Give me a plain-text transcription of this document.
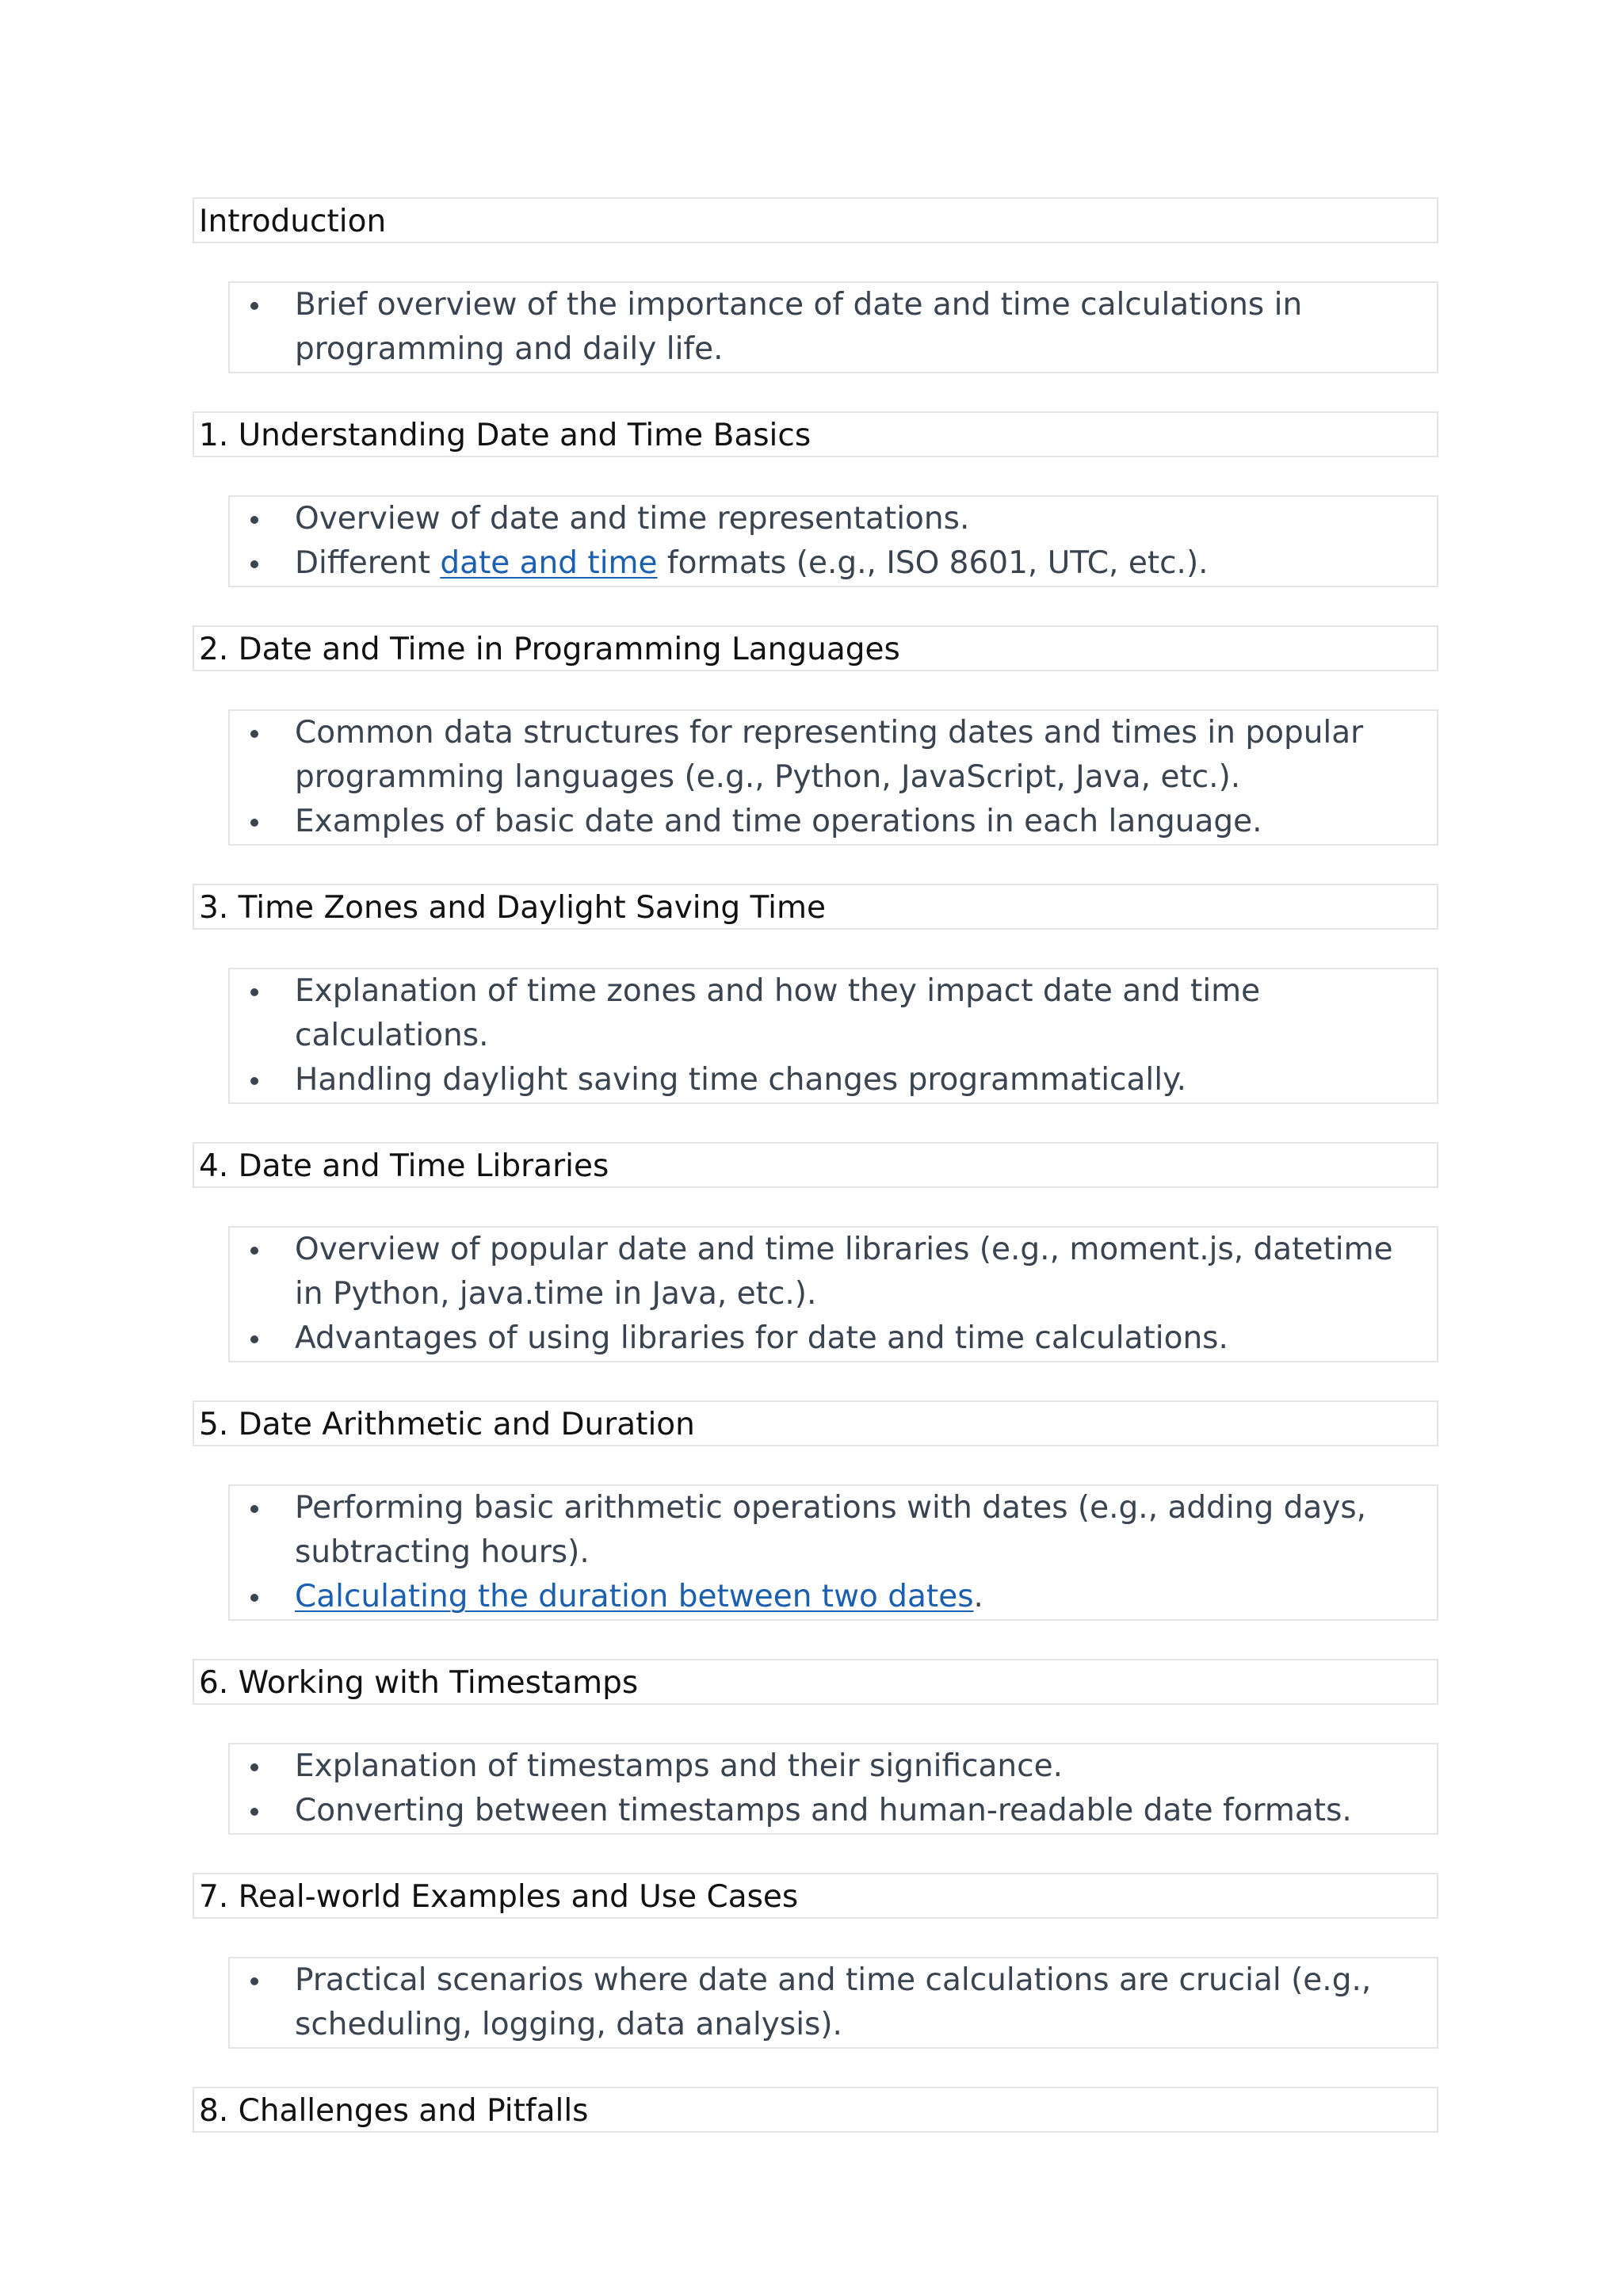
Introduction
Brief overview of the importance of date and time calculations in programming and daily life.
1. Understanding Date and Time Basics
Overview of date and time representations.
Different date and time formats (e.g., ISO 8601, UTC, etc.).
2. Date and Time in Programming Languages
Common data structures for representing dates and times in popular programming languages (e.g., Python, JavaScript, Java, etc.).
Examples of basic date and time operations in each language.
3. Time Zones and Daylight Saving Time
Explanation of time zones and how they impact date and time calculations.
Handling daylight saving time changes programmatically.
4. Date and Time Libraries
Overview of popular date and time libraries (e.g., moment.js, datetime in Python, java.time in Java, etc.).
Advantages of using libraries for date and time calculations.
5. Date Arithmetic and Duration
Performing basic arithmetic operations with dates (e.g., adding days, subtracting hours).
Calculating the duration between two dates.
6. Working with Timestamps
Explanation of timestamps and their significance.
Converting between timestamps and human-readable date formats.
7. Real-world Examples and Use Cases
Practical scenarios where date and time calculations are crucial (e.g., scheduling, logging, data analysis).
8. Challenges and Pitfalls
